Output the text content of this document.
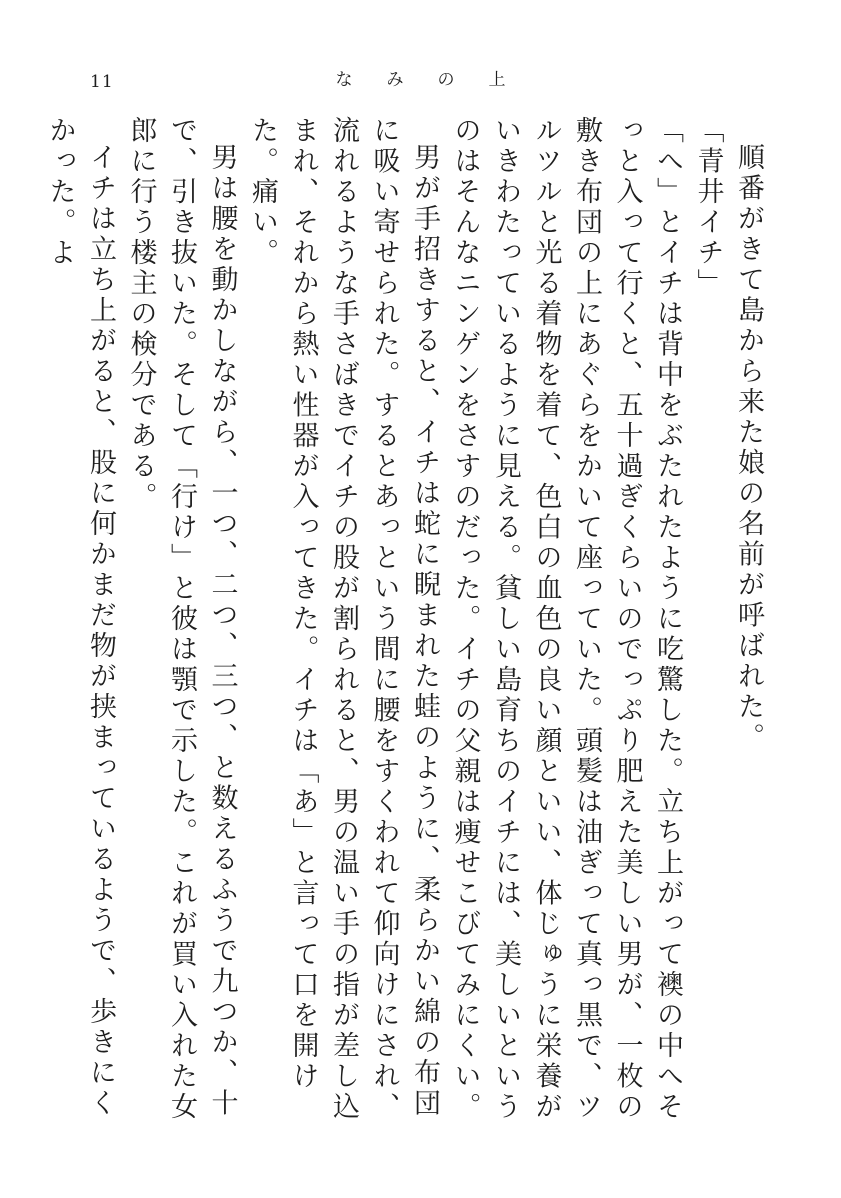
11	なみの上

順番がきて島から来た娘の名前が呼ばれた。

「青井イチ」

「へ」とイチは背中をぶたれたように吃驚した。立ち上がって襖の中へそっと入って行くと、五十過ぎくらいのでっぷり肥えた美しい男が、一枚の敷き布団の上にあぐらをかいて座っていた。頭髪は油ぎって真っ黒で、ツルツルと光る着物を着て、色白の血色の良い顔といい、体じゅうに栄養がいきわたっているように見える。貧しい島育ちのイチには、美しいというのはそんなニンゲンをさすのだった。イチの父親は痩せこびてみにくい。

男が手招きすると、イチは蛇に睨まれた蛙のように、柔らかい綿の布団に吸い寄せられた。するとあっという間に腰をすくわれて仰向けにされ、流れるような手さばきでイチの股が割られると、男の温い手の指が差し込まれ、それから熱い性器が入ってきた。イチは「あ」と言って口を開けた。痛い。

男は腰を動かしながら、一つ、二つ、三つ、と数えるふうで九つか、十で、引き抜いた。そして「行け」と彼は顎で示した。これが買い入れた女郎に行う楼主の検分である。

イチは立ち上がると、股に何かまだ物が挟まっているようで、歩きにくかった。よ
